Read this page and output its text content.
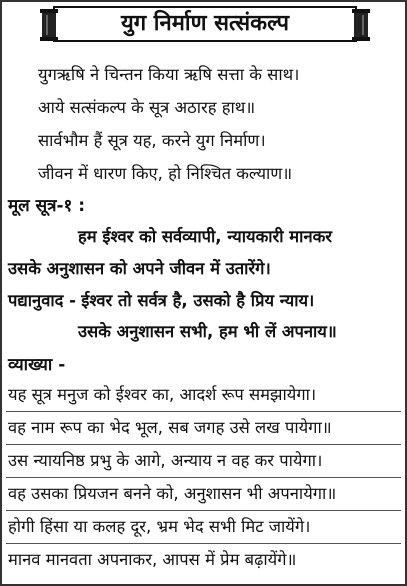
युग निर्माण सत्संकल्प
युगऋषि ने चिन्तन किया ऋषि सत्ता के साथ।
आये सत्संकल्प के सूत्र अठारह हाथ॥
सार्वभौम हैं सूत्र यह, करने युग निर्माण।
जीवन में धारण किए, हो निश्चित कल्याण॥
मूल सूत्र-१ :
हम ईश्वर को सर्वव्यापी, न्यायकारी मानकर
उसके अनुशासन को अपने जीवन में उतारेंगे।
पद्यानुवाद - ईश्वर तो सर्वत्र है, उसको है प्रिय न्याय।
उसके अनुशासन सभी, हम भी लें अपनाय॥
व्याख्या -
यह सूत्र मनुज को ईश्वर का, आदर्श रूप समझायेगा।
वह नाम रूप का भेद भूल, सब जगह उसे लख पायेगा॥
उस न्यायनिष्ठ प्रभु के आगे, अन्याय न वह कर पायेगा।
वह उसका प्रियजन बनने को, अनुशासन भी अपनायेगा॥
होगी हिंसा या कलह दूर, भ्रम भेद सभी मिट जायेंगे।
मानव मानवता अपनाकर, आपस में प्रेम बढ़ायेंगे॥
